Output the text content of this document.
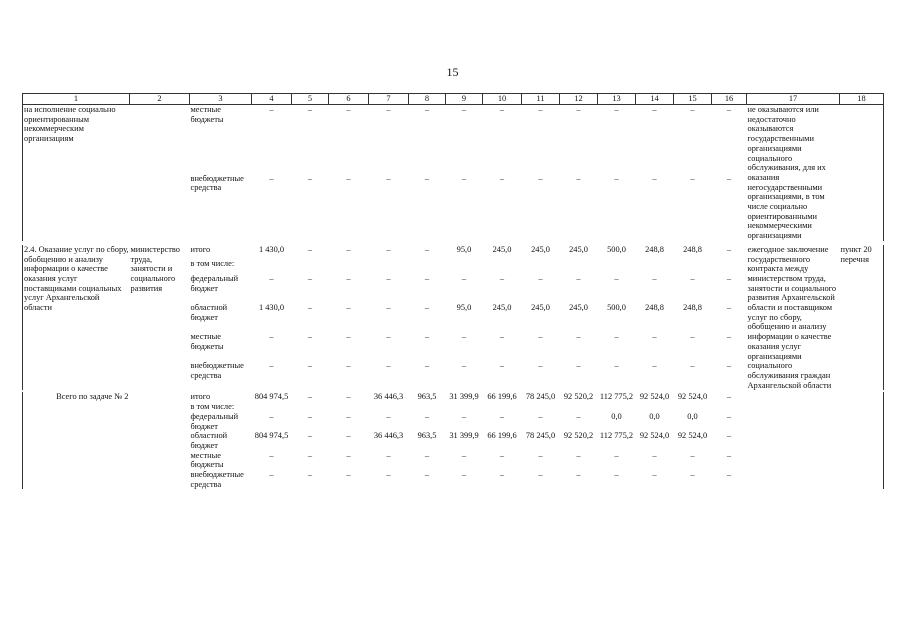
15
1	2	3	4	5	6	7	8	9	10	11	12	13	14	15	16	17	18
на исполнение социально ориентированным некоммерческим организациям		местные бюджеты	–	–	–	–	–	–	–	–	–	–	–	–	–	не оказываются или недостаточно оказываются государственными организациями социального обслуживания, для их оказания негосударственными организациями, в том числе социально ориентированными некоммерческими организациями	
		внебюджетные средства	–	–	–	–	–	–	–	–	–	–	–	–	–		

2.4. Оказание услуг по сбору, обобщению и анализу информации о качестве оказания услуг поставщиками социальных услуг Архангельской области	министерство труда, занятости и социального развития	итого	1 430,0	–	–	–	–	95,0	245,0	245,0	245,0	500,0	248,8	248,8	–	ежегодное заключение государственного контракта между министерством труда, занятости и социального развития Архангельской области и поставщиком услуг по сбору, обобщению и анализу информации о качестве оказания услуг организациями социального обслуживания граждан Архангельской области	пункт 20 перечня
		в том числе:															
		федеральный бюджет	–	–	–	–	–	–	–	–	–	–	–	–	–		
		областной бюджет	1 430,0	–	–	–	–	95,0	245,0	245,0	245,0	500,0	248,8	248,8	–		
		местные бюджеты	–	–	–	–	–	–	–	–	–	–	–	–	–		
		внебюджетные средства	–	–	–	–	–	–	–	–	–	–	–	–	–		

Всего по задаче № 2		итого	804 974,5	–	–	36 446,3	963,5	31 399,9	66 199,6	78 245,0	92 520,2	112 775,2	92 524,0	92 524,0	–		
		в том числе:															
		федеральный бюджет	–	–	–	–	–	–	–	–	–	0,0	0,0	0,0	–		
		областной бюджет	804 974,5	–	–	36 446,3	963,5	31 399,9	66 199,6	78 245,0	92 520,2	112 775,2	92 524,0	92 524,0	–		
		местные бюджеты	–	–	–	–	–	–	–	–	–	–	–	–	–		
		внебюджетные средства	–	–	–	–	–	–	–	–	–	–	–	–	–		
